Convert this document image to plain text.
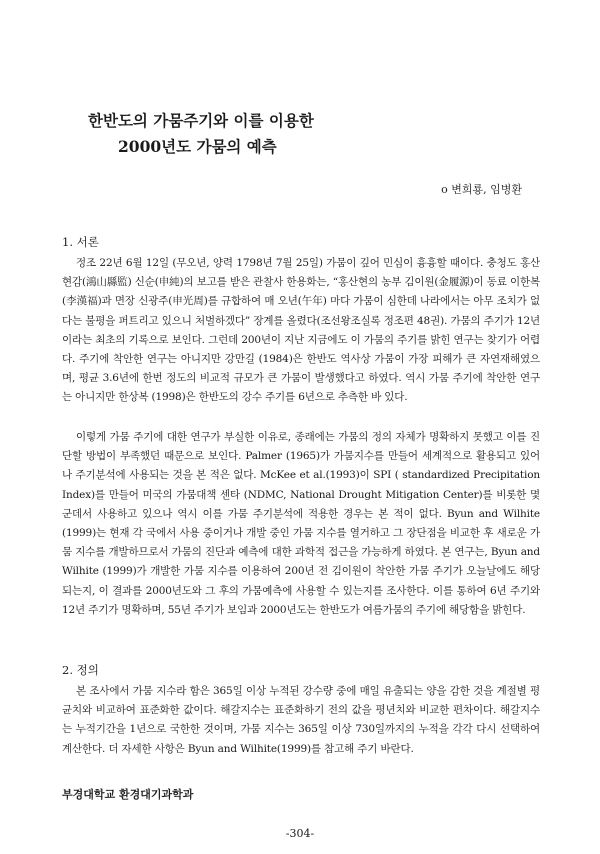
한반도의 가뭄주기와 이를 이용한
2000년도 가뭄의 예측
o 변희룡, 임병환
1. 서론

정조 22년 6월 12일 (무오년, 양력 1798년 7월 25일) 가뭄이 깊어 민심이 흉흉할 때이다. 충청도 홍산현감(鴻山縣監) 신순(申純)의 보고를 받은 관찰사 한용화는, “홍산현의 농부 김이원(金履源)이 동료 이한복(李漢福)과 면장 신광주(申光周)를 규합하여 매 오년(午年) 마다 가뭄이 심한데 나라에서는 아무 조치가 없다는 불평을 퍼트리고 있으니 처벌하겠다” 장계를 올렸다(조선왕조실록 정조편 48권). 가뭄의 주기가 12년이라는 최초의 기록으로 보인다. 그런데 200년이 지난 지금에도 이 가뭄의 주기를 밝힌 연구는 찾기가 어렵다. 주기에 착안한 연구는 아니지만 강만길 (1984)은 한반도 역사상 가뭄이 가장 피해가 큰 자연재해였으며, 평균 3.6년에 한번 정도의 비교적 규모가 큰 가뭄이 발생했다고 하였다. 역시 가뭄 주기에 착안한 연구는 아니지만 한상복 (1998)은 한반도의 강수 주기를 6년으로 추측한 바 있다.

이렇게 가뭄 주기에 대한 연구가 부실한 이유로, 종래에는 가뭄의 정의 자체가 명확하지 못했고 이를 진단할 방법이 부족했던 때문으로 보인다. Palmer (1965)가 가뭄지수를 만들어 세계적으로 활용되고 있어나 주기분석에 사용되는 것을 본 적은 없다. McKee et al.(1993)이 SPI ( standardized Precipitation Index)를 만들어 미국의 가뭄대책 센타 (NDMC, National Drought Mitigation Center)를 비롯한 몇 군데서 사용하고 있으나 역시 이를 가뭄 주기분석에 적용한 경우는 본 적이 없다. Byun and Wilhite (1999)는 현재 각 국에서 사용 중이거나 개발 중인 가뭄 지수를 열거하고 그 장단점을 비교한 후 새로운 가뭄 지수를 개발하므로서 가뭄의 진단과 예측에 대한 과학적 접근을 가능하게 하였다. 본 연구는, Byun and Wilhite (1999)가 개발한 가뭄 지수를 이용하여 200년 전 김이원이 착안한 가뭄 주기가 오늘날에도 해당되는지, 이 결과를 2000년도와 그 후의 가뭄예측에 사용할 수 있는지를 조사한다. 이를 통하여 6년 주기와 12년 주기가 명확하며, 55년 주기가 보임과 2000년도는 한반도가 여름가뭄의 주기에 해당함을 밝힌다.

2. 정의

본 조사에서 가뭄 지수라 함은 365일 이상 누적된 강수량 중에 매일 유출되는 양을 감한 것을 계절별 평균치와 비교하여 표준화한 값이다. 해갈지수는 표준화하기 전의 값을 평년치와 비교한 편차이다. 해갈지수는 누적기간을 1년으로 국한한 것이며, 가뭄 지수는 365일 이상 730일까지의 누적을 각각 다시 선택하여 계산한다. 더 자세한 사항은 Byun and Wilhite(1999)를 참고해 주기 바란다.

부경대학교 환경대기과학과
-304-
